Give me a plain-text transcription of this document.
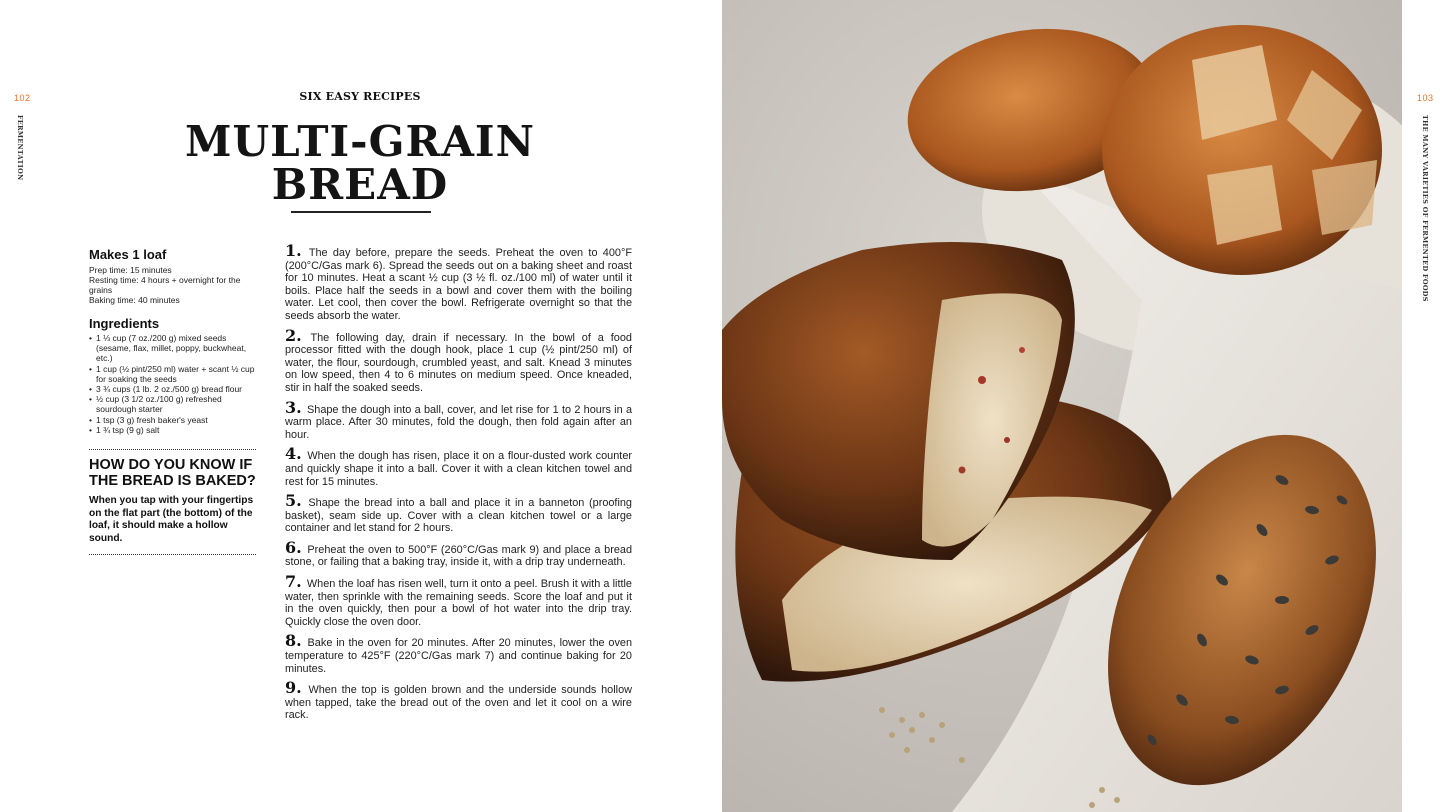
102
FERMENTATION
SIX EASY RECIPES
MULTI-GRAIN
BREAD
Makes 1 loaf
Prep time: 15 minutes
Resting time: 4 hours + overnight for the grains
Baking time: 40 minutes
Ingredients
• 1 ⅓ cup (7 oz./200 g) mixed seeds (sesame, flax, millet, poppy, buckwheat, etc.)
• 1 cup (½ pint/250 ml) water + scant ½ cup for soaking the seeds
• 3 ¾ cups (1 lb. 2 oz./500 g) bread flour
• ½ cup (3 1/2 oz./100 g) refreshed sourdough starter
• 1 tsp (3 g) fresh baker's yeast
• 1 ¾ tsp (9 g) salt
HOW DO YOU KNOW IF THE BREAD IS BAKED?
When you tap with your fingertips on the flat part (the bottom) of the loaf, it should make a hollow sound.

1. The day before, prepare the seeds. Preheat the oven to 400°F (200°C/Gas mark 6). Spread the seeds out on a baking sheet and roast for 10 minutes. Heat a scant ½ cup (3 ½ fl. oz./100 ml) of water until it boils. Place half the seeds in a bowl and cover them with the boiling water. Let cool, then cover the bowl. Refrigerate overnight so that the seeds absorb the water.

2. The following day, drain if necessary. In the bowl of a food processor fitted with the dough hook, place 1 cup (½ pint/250 ml) of water, the flour, sourdough, crumbled yeast, and salt. Knead 3 minutes on low speed, then 4 to 6 minutes on medium speed. Once kneaded, stir in half the soaked seeds.

3. Shape the dough into a ball, cover, and let rise for 1 to 2 hours in a warm place. After 30 minutes, fold the dough, then fold again after an hour.

4. When the dough has risen, place it on a flour-dusted work counter and quickly shape it into a ball. Cover it with a clean kitchen towel and rest for 15 minutes.

5. Shape the bread into a ball and place it in a banneton (proofing basket), seam side up. Cover with a clean kitchen towel or a large container and let stand for 2 hours.

6. Preheat the oven to 500°F (260°C/Gas mark 9) and place a bread stone, or failing that a baking tray, inside it, with a drip tray underneath.

7. When the loaf has risen well, turn it onto a peel. Brush it with a little water, then sprinkle with the remaining seeds. Score the loaf and put it in the oven quickly, then pour a bowl of hot water into the drip tray. Quickly close the oven door.

8. Bake in the oven for 20 minutes. After 20 minutes, lower the oven temperature to 425°F (220°C/Gas mark 7) and continue baking for 20 minutes.

9. When the top is golden brown and the underside sounds hollow when tapped, take the bread out of the oven and let it cool on a wire rack.

103
THE MANY VARIETIES OF FERMENTED FOODS
